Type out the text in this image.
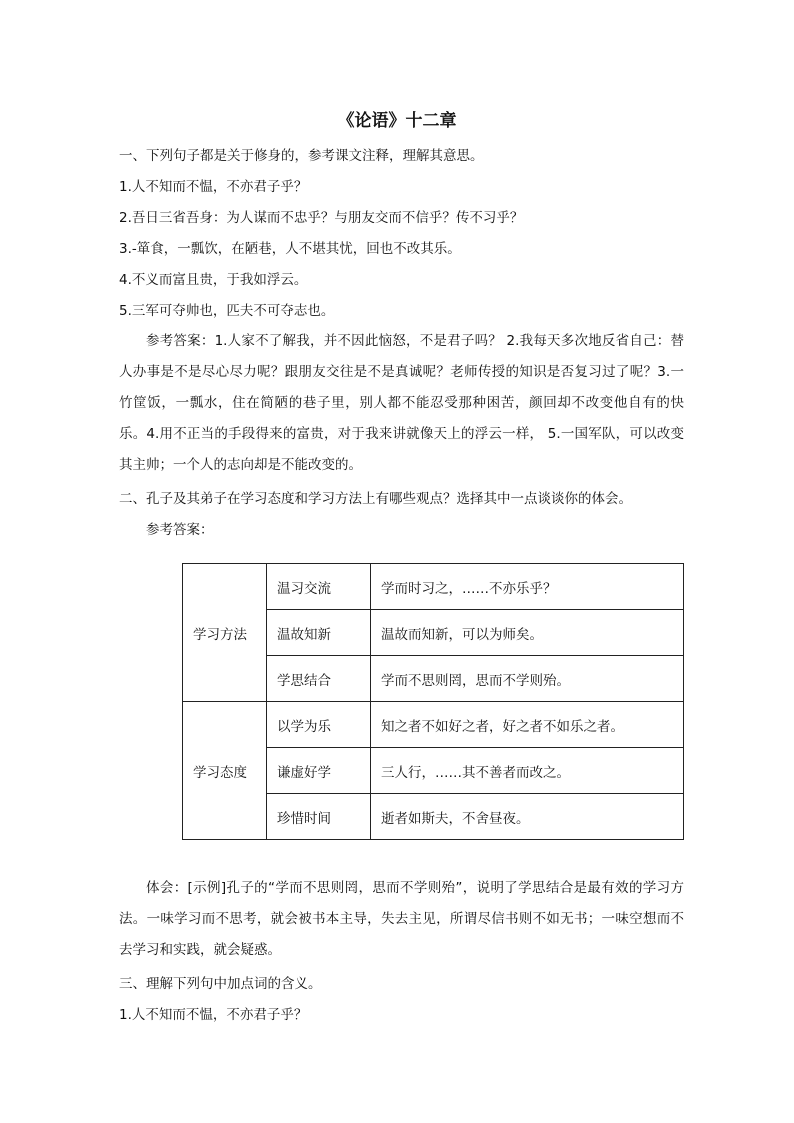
《论语》十二章
一、下列句子都是关于修身的，参考课文注释，理解其意思。
1.人不知而不愠，不亦君子乎？
2.吾日三省吾身：为人谋而不忠乎？与朋友交而不信乎？传不习乎？
3.-箪食，一瓢饮，在陋巷，人不堪其忧，回也不改其乐。
4.不义而富且贵，于我如浮云。
5.三军可夺帅也，匹夫不可夺志也。
参考答案：1.人家不了解我，并不因此恼怒，不是君子吗？ 2.我每天多次地反省自己：替人办事是不是尽心尽力呢？跟朋友交往是不是真诚呢？老师传授的知识是否复习过了呢？3.一竹筐饭，一瓢水，住在简陋的巷子里，别人都不能忍受那种困苦，颜回却不改变他自有的快乐。4.用不正当的手段得来的富贵，对于我来讲就像天上的浮云一样， 5.一国军队，可以改变其主帅；一个人的志向却是不能改变的。
二、孔子及其弟子在学习态度和学习方法上有哪些观点？选择其中一点谈谈你的体会。
参考答案：
学习方法	温习交流	学而时习之，……不亦乐乎？
	温故知新	温故而知新，可以为师矣。
	学思结合	学而不思则罔，思而不学则殆。
学习态度	以学为乐	知之者不如好之者，好之者不如乐之者。
	谦虚好学	三人行，……其不善者而改之。
	珍惜时间	逝者如斯夫，不舍昼夜。
体会：[示例]孔子的“学而不思则罔，思而不学则殆”，说明了学思结合是最有效的学习方法。一味学习而不思考，就会被书本主导，失去主见，所谓尽信书则不如无书；一味空想而不去学习和实践，就会疑惑。
三、理解下列句中加点词的含义。
1.人不知而不愠，不亦君子乎？
